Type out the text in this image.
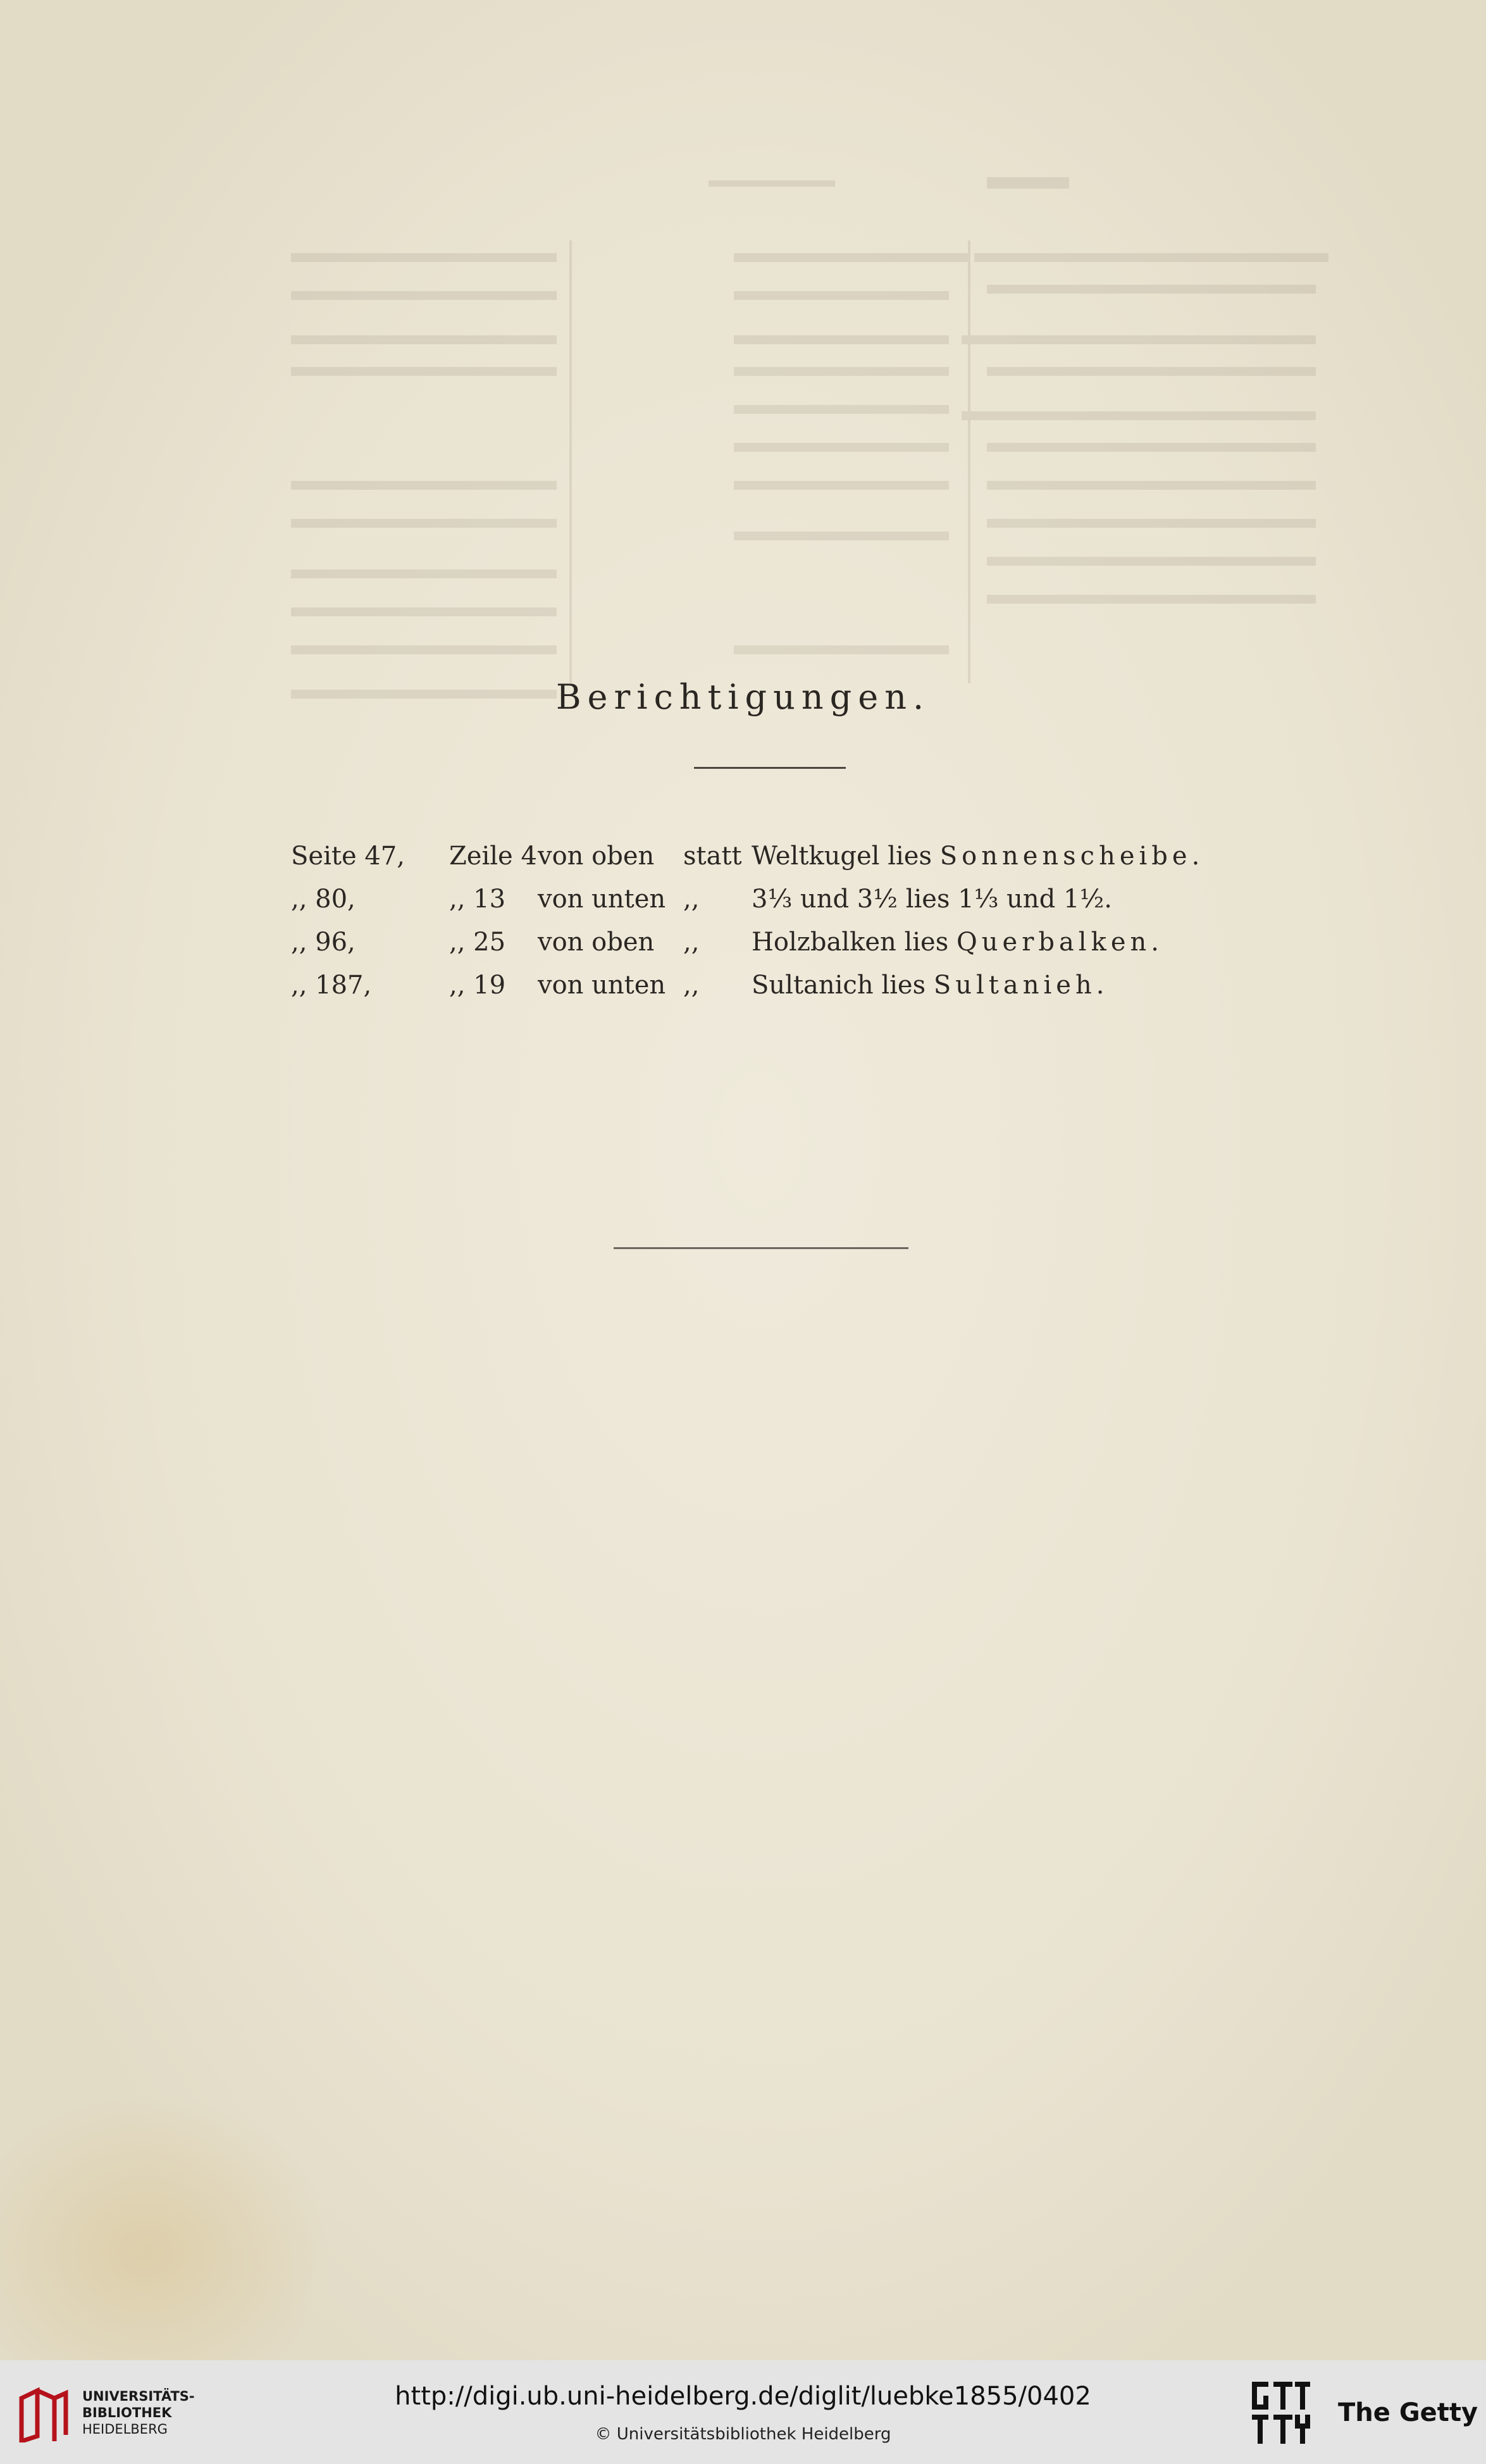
Berichtigungen.
Seite 47, Zeile 4 von oben statt Weltkugel lies Sonnenscheibe.
,, 80,	,, 13 von unten ,, 3⅓ und 3½ lies 1⅓ und 1½.
,, 96,	,, 25 von oben ,, Holzbalken lies Querbalken.
,, 187,	,, 19 von unten ,, Sultanich lies Sultanieh.
UNIVERSITÄTS-
BIBLIOTHEK
HEIDELBERG
http://digi.ub.uni-heidelberg.de/diglit/luebke1855/0402
© Universitätsbibliothek Heidelberg
The Getty
